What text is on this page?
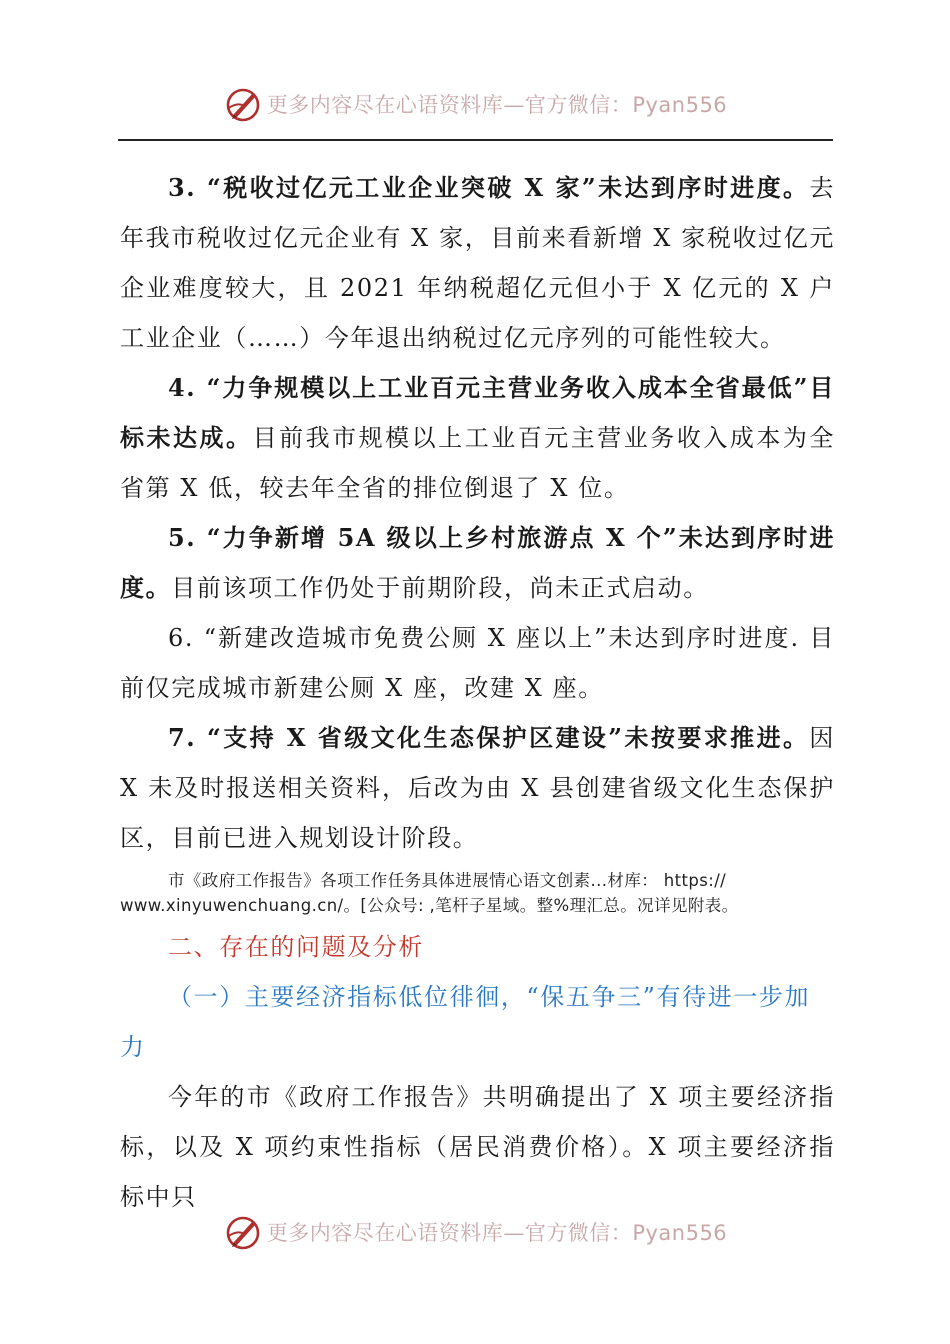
更多内容尽在心语资料库—官方微信：Pyan556

3. “税收过亿元工业企业突破 X 家”未达到序时进度。去年我市税收过亿元企业有 X 家，目前来看新增 X 家税收过亿元企业难度较大，且 2021 年纳税超亿元但小于 X 亿元的 X 户工业企业（……）今年退出纳税过亿元序列的可能性较大。

4. “力争规模以上工业百元主营业务收入成本全省最低”目标未达成。目前我市规模以上工业百元主营业务收入成本为全省第 X 低，较去年全省的排位倒退了 X 位。

5. “力争新增 5A 级以上乡村旅游点 X 个”未达到序时进度。目前该项工作仍处于前期阶段，尚未正式启动。

6. “新建改造城市免费公厕 X 座以上”未达到序时进度. 目前仅完成城市新建公厕 X 座，改建 X 座。

7. “支持 X 省级文化生态保护区建设”未按要求推进。因 X 未及时报送相关资料，后改为由 X 县创建省级文化生态保护区，目前已进入规划设计阶段。

市《政府工作报告》各项工作任务具体进展情心语文创素...材库： https:// www.xinyuwenchuang.cn/。[公众号: ,笔杆子星域。整%理汇总。况详见附表。

二、存在的问题及分析
（一）主要经济指标低位徘徊，“保五争三”有待进一步加力

今年的市《政府工作报告》共明确提出了 X 项主要经济指标，以及 X 项约束性指标（居民消费价格）。X 项主要经济指标中只

更多内容尽在心语资料库—官方微信：Pyan556
